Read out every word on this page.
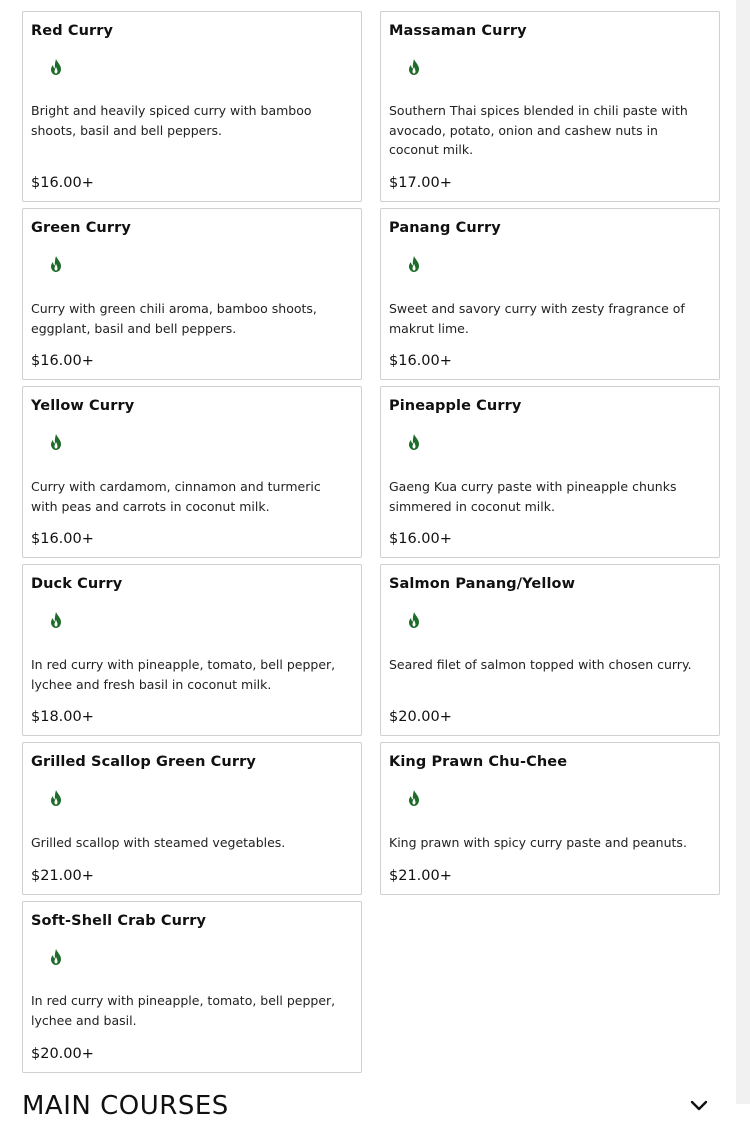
Red Curry
Bright and heavily spiced curry with bamboo shoots, basil and bell peppers.
$16.00+
Massaman Curry
Southern Thai spices blended in chili paste with avocado, potato, onion and cashew nuts in coconut milk.
$17.00+
Green Curry
Curry with green chili aroma, bamboo shoots, eggplant, basil and bell peppers.
$16.00+
Panang Curry
Sweet and savory curry with zesty fragrance of makrut lime.
$16.00+
Yellow Curry
Curry with cardamom, cinnamon and turmeric with peas and carrots in coconut milk.
$16.00+
Pineapple Curry
Gaeng Kua curry paste with pineapple chunks simmered in coconut milk.
$16.00+
Duck Curry
In red curry with pineapple, tomato, bell pepper, lychee and fresh basil in coconut milk.
$18.00+
Salmon Panang/Yellow
Seared filet of salmon topped with chosen curry.
$20.00+
Grilled Scallop Green Curry
Grilled scallop with steamed vegetables.
$21.00+
King Prawn Chu-Chee
King prawn with spicy curry paste and peanuts.
$21.00+
Soft-Shell Crab Curry
In red curry with pineapple, tomato, bell pepper, lychee and basil.
$20.00+
MAIN COURSES
